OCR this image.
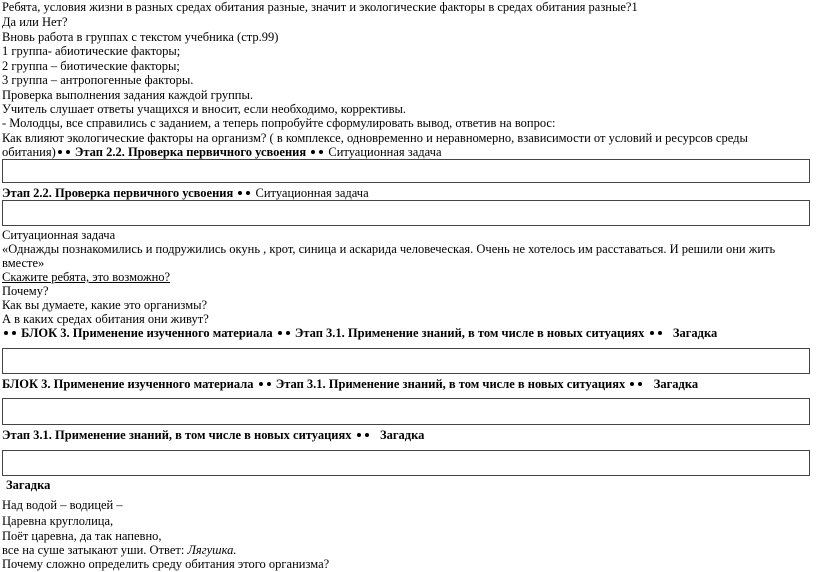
Ребята, условия жизни в разных средах обитания разные, значит и экологические факторы в средах обитания разные?1
Да или Нет?
Вновь работа в группах с текстом учебника (стр.99)
1 группа- абиотические факторы;
2 группа – биотические факторы;
3 группа – антропогенные факторы.
Проверка выполнения задания каждой группы.
Учитель слушает ответы учащихся и вносит, если необходимо, коррективы.
- Молодцы, все справились с заданием, а теперь попробуйте сформулировать вывод, ответив на вопрос:
Как влияют экологические факторы на организм? ( в комплексе, одновременно и неравномерно, взависимости от условий и ресурсов среды
обитания) Этап 2.2. Проверка первичного усвоения Ситуационная задача
Этап 2.2. Проверка первичного усвоения Ситуационная задача
Ситуационная задача
«Однажды познакомились и подружились окунь , крот, синица и аскарида человеческая. Очень не хотелось им расставаться. И решили они жить
вместе»
Скажите ребята, это возможно?
Почему?
Как вы думаете, какие это организмы?
А в каких средах обитания они живут?
БЛОК 3. Применение изученного материала Этап 3.1. Применение знаний, в том числе в новых ситуациях Загадка
БЛОК 3. Применение изученного материала Этап 3.1. Применение знаний, в том числе в новых ситуациях Загадка
Этап 3.1. Применение знаний, в том числе в новых ситуациях Загадка
Загадка
Над водой – водицей –
Царевна круглолица,
Поёт царевна, да так напевно,
все на суше затыкают уши. Ответ: Лягушка.
Почему сложно определить среду обитания этого организма?
